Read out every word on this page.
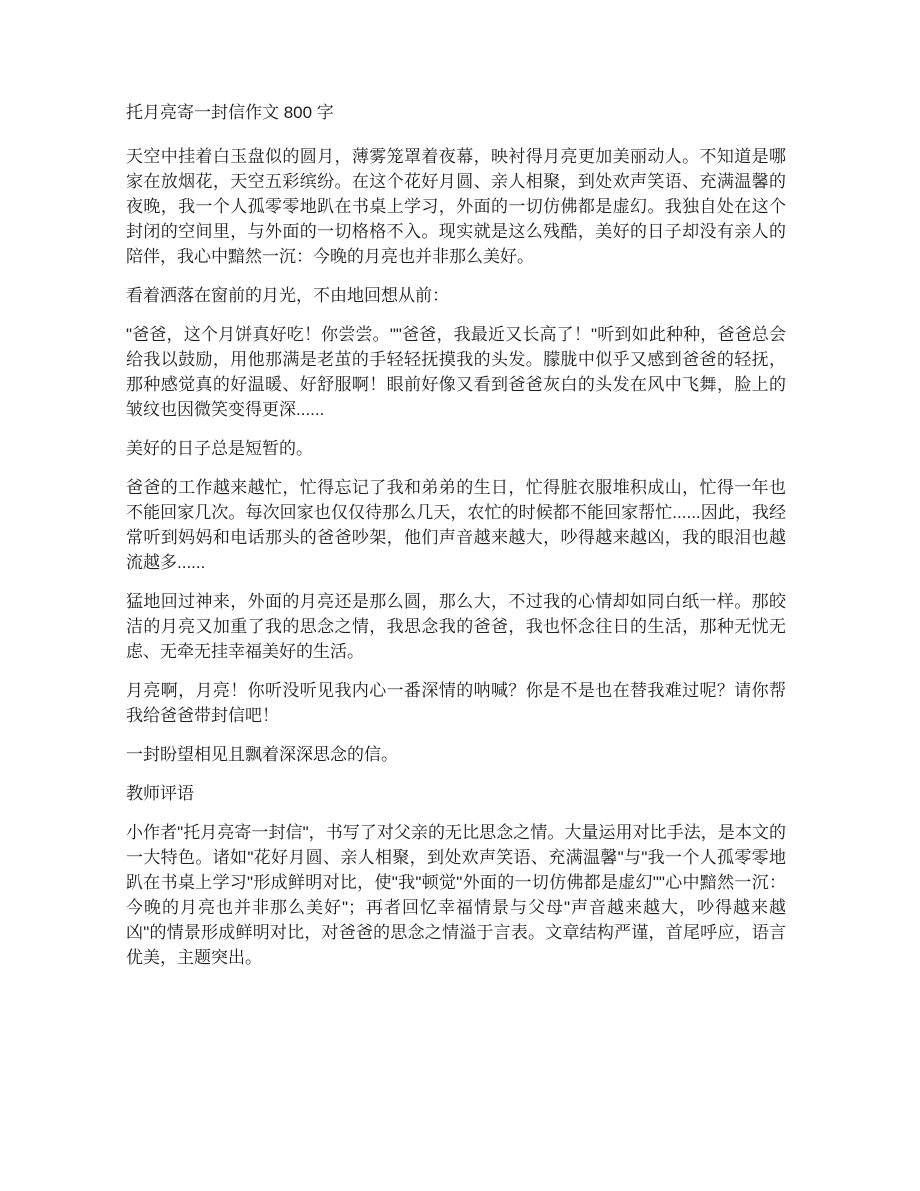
托月亮寄一封信作文 800 字

天空中挂着白玉盘似的圆月，薄雾笼罩着夜幕，映衬得月亮更加美丽动人。不知道是哪家在放烟花，天空五彩缤纷。在这个花好月圆、亲人相聚，到处欢声笑语、充满温馨的夜晚，我一个人孤零零地趴在书桌上学习，外面的一切仿佛都是虚幻。我独自处在这个封闭的空间里，与外面的一切格格不入。现实就是这么残酷，美好的日子却没有亲人的陪伴，我心中黯然一沉：今晚的月亮也并非那么美好。

看着洒落在窗前的月光，不由地回想从前：

"爸爸，这个月饼真好吃！你尝尝。""爸爸，我最近又长高了！"听到如此种种，爸爸总会给我以鼓励，用他那满是老茧的手轻轻抚摸我的头发。朦胧中似乎又感到爸爸的轻抚，那种感觉真的好温暖、好舒服啊！眼前好像又看到爸爸灰白的头发在风中飞舞，脸上的皱纹也因微笑变得更深......

美好的日子总是短暂的。

爸爸的工作越来越忙，忙得忘记了我和弟弟的生日，忙得脏衣服堆积成山，忙得一年也不能回家几次。每次回家也仅仅待那么几天，农忙的时候都不能回家帮忙......因此，我经常听到妈妈和电话那头的爸爸吵架，他们声音越来越大，吵得越来越凶，我的眼泪也越流越多......

猛地回过神来，外面的月亮还是那么圆，那么大，不过我的心情却如同白纸一样。那皎洁的月亮又加重了我的思念之情，我思念我的爸爸，我也怀念往日的生活，那种无忧无虑、无牵无挂幸福美好的生活。

月亮啊，月亮！你听没听见我内心一番深情的呐喊？你是不是也在替我难过呢？请你帮我给爸爸带封信吧！

一封盼望相见且飘着深深思念的信。

教师评语

小作者"托月亮寄一封信"，书写了对父亲的无比思念之情。大量运用对比手法，是本文的一大特色。诸如"花好月圆、亲人相聚，到处欢声笑语、充满温馨"与"我一个人孤零零地趴在书桌上学习"形成鲜明对比，使"我"顿觉"外面的一切仿佛都是虚幻""心中黯然一沉：今晚的月亮也并非那么美好"；再者回忆幸福情景与父母"声音越来越大，吵得越来越凶"的情景形成鲜明对比，对爸爸的思念之情溢于言表。文章结构严谨，首尾呼应，语言优美，主题突出。
